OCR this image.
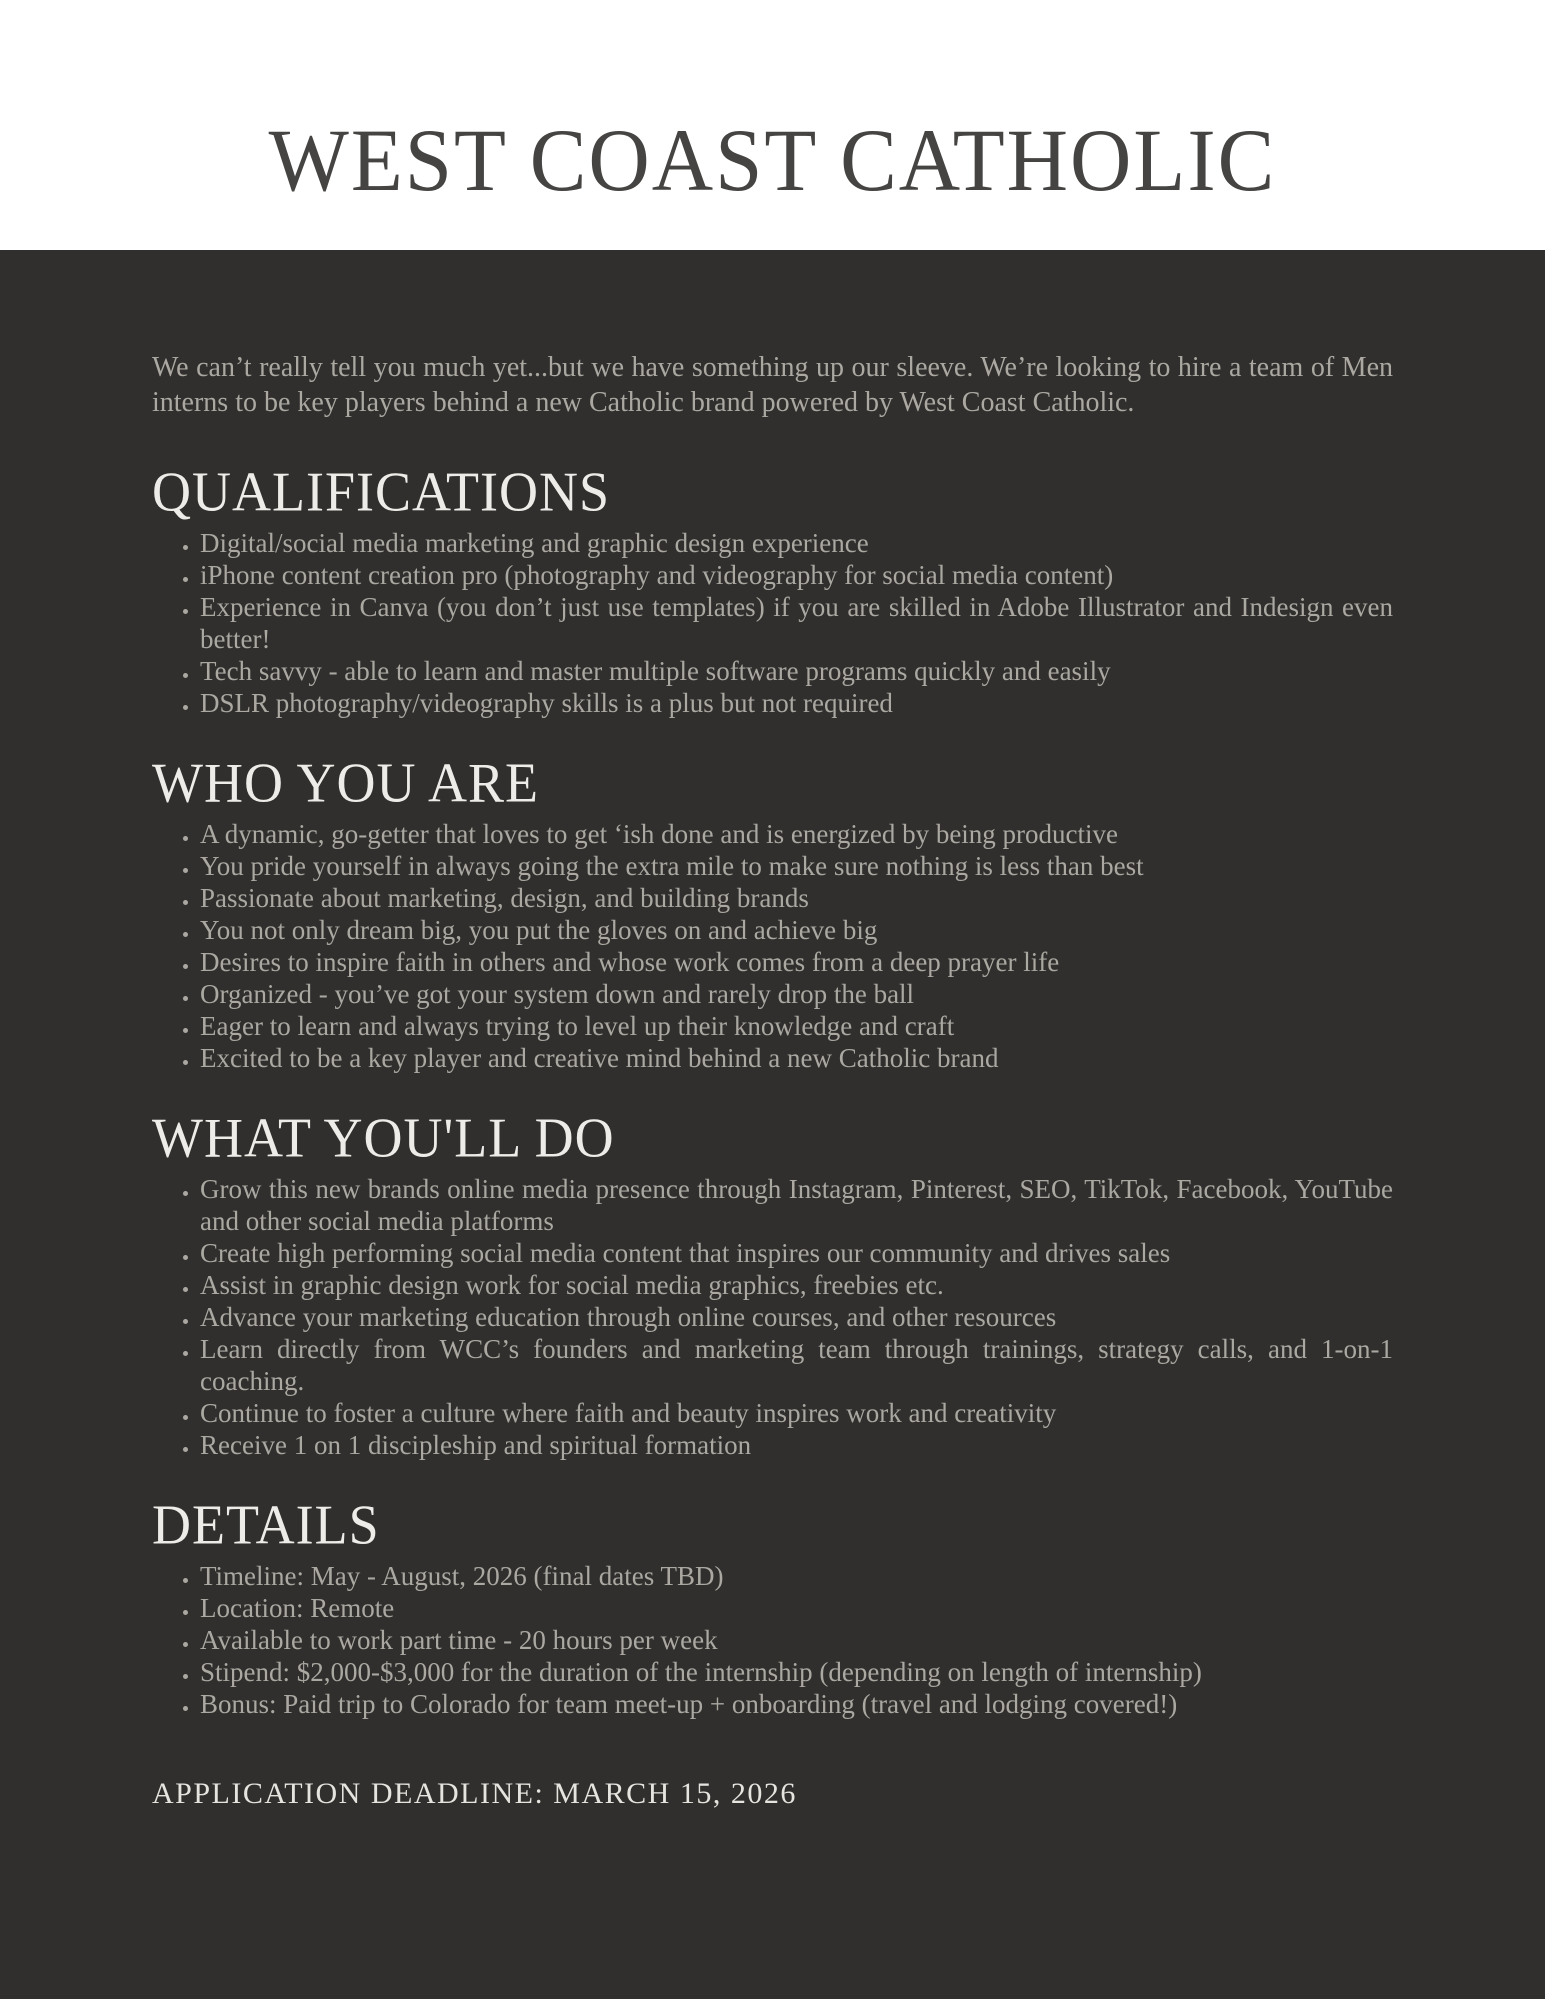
WEST COAST CATHOLIC

We can’t really tell you much yet...but we have something up our sleeve. We’re looking to hire a team of Men interns to be key players behind a new Catholic brand powered by West Coast Catholic.

QUALIFICATIONS
• Digital/social media marketing and graphic design experience
• iPhone content creation pro (photography and videography for social media content)
• Experience in Canva (you don’t just use templates) if you are skilled in Adobe Illustrator and Indesign even better!
• Tech savvy - able to learn and master multiple software programs quickly and easily
• DSLR photography/videography skills is a plus but not required
WHO YOU ARE
• A dynamic, go-getter that loves to get ‘ish done and is energized by being productive
• You pride yourself in always going the extra mile to make sure nothing is less than best
• Passionate about marketing, design, and building brands
• You not only dream big, you put the gloves on and achieve big
• Desires to inspire faith in others and whose work comes from a deep prayer life
• Organized - you’ve got your system down and rarely drop the ball
• Eager to learn and always trying to level up their knowledge and craft
• Excited to be a key player and creative mind behind a new Catholic brand
WHAT YOU'LL DO
• Grow this new brands online media presence through Instagram, Pinterest, SEO, TikTok, Facebook, YouTube and other social media platforms
• Create high performing social media content that inspires our community and drives sales
• Assist in graphic design work for social media graphics, freebies etc.
• Advance your marketing education through online courses, and other resources
• Learn directly from WCC’s founders and marketing team through trainings, strategy calls, and 1-on-1 coaching.
• Continue to foster a culture where faith and beauty inspires work and creativity
• Receive 1 on 1 discipleship and spiritual formation
DETAILS
• Timeline: May - August, 2026 (final dates TBD)
• Location: Remote
• Available to work part time - 20 hours per week
• Stipend: $2,000-$3,000 for the duration of the internship (depending on length of internship)
• Bonus: Paid trip to Colorado for team meet-up + onboarding (travel and lodging covered!)

APPLICATION DEADLINE: MARCH 15, 2026
